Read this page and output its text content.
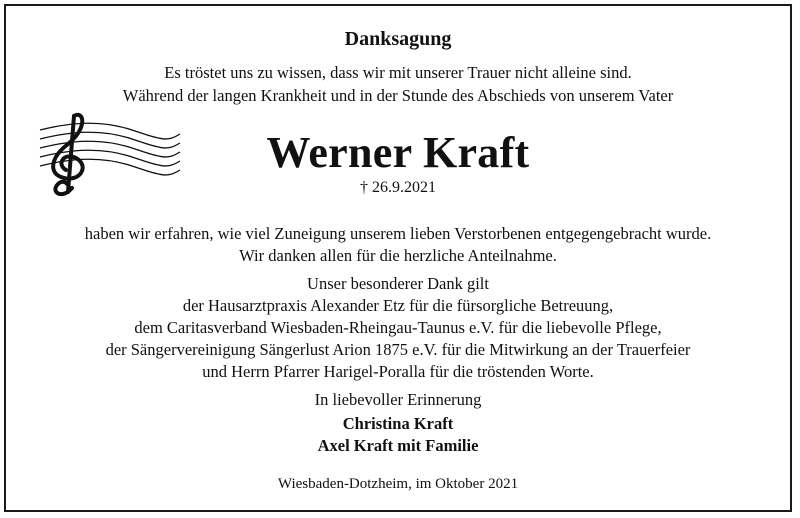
Danksagung
Es tröstet uns zu wissen, dass wir mit unserer Trauer nicht alleine sind.
Während der langen Krankheit und in der Stunde des Abschieds von unserem Vater
Werner Kraft
† 26.9.2021
haben wir erfahren, wie viel Zuneigung unserem lieben Verstorbenen entgegengebracht wurde.
Wir danken allen für die herzliche Anteilnahme.
Unser besonderer Dank gilt
der Hausarztpraxis Alexander Etz für die fürsorgliche Betreuung,
dem Caritasverband Wiesbaden-Rheingau-Taunus e.V. für die liebevolle Pflege,
der Sängervereinigung Sängerlust Arion 1875 e.V. für die Mitwirkung an der Trauerfeier
und Herrn Pfarrer Harigel-Poralla für die tröstenden Worte.
In liebevoller Erinnerung
Christina Kraft
Axel Kraft mit Familie
Wiesbaden-Dotzheim, im Oktober 2021
